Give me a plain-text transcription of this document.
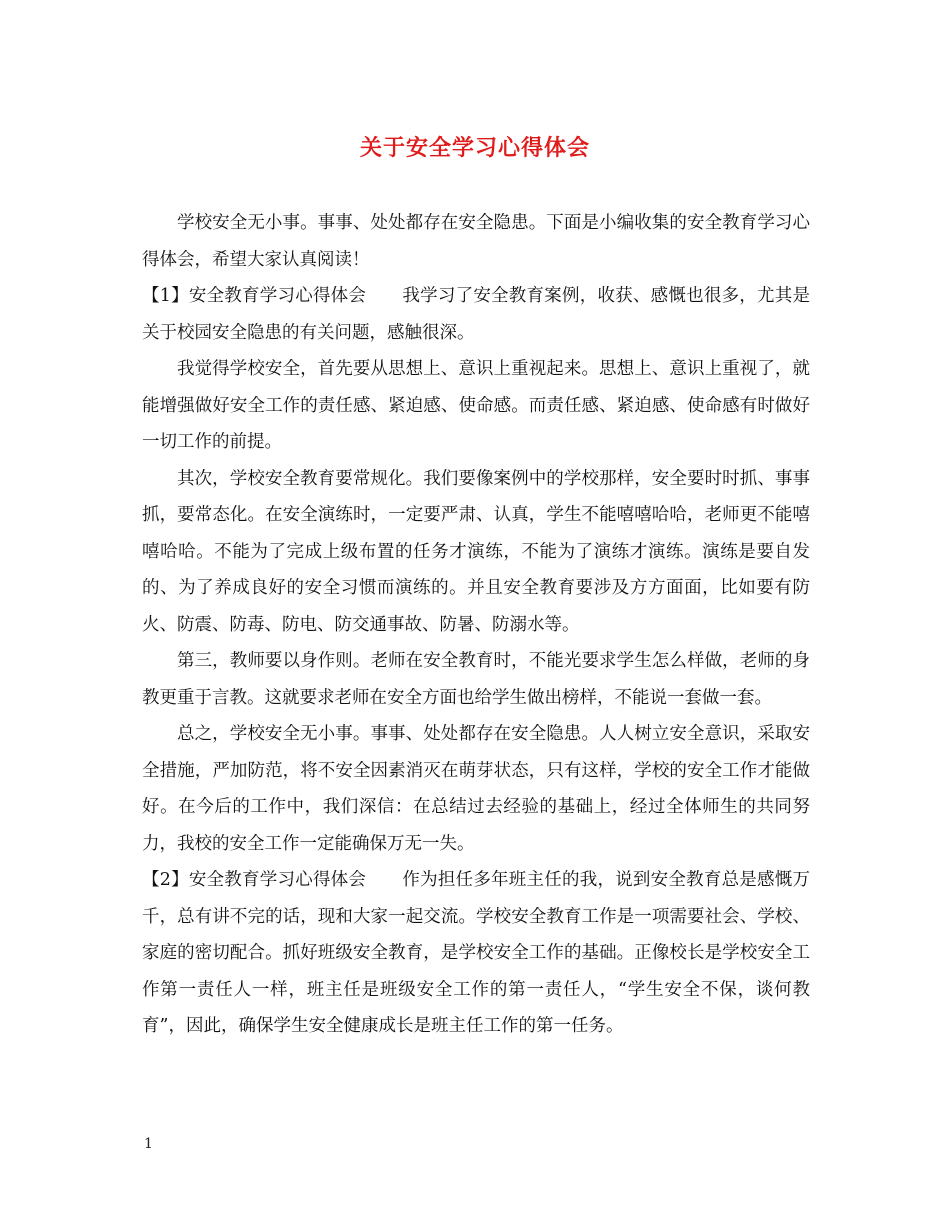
关于安全学习心得体会

学校安全无小事。事事、处处都存在安全隐患。下面是小编收集的安全教育学习心得体会，希望大家认真阅读！

【1】安全教育学习心得体会 我学习了安全教育案例，收获、感慨也很多，尤其是关于校园安全隐患的有关问题，感触很深。

我觉得学校安全，首先要从思想上、意识上重视起来。思想上、意识上重视了，就能增强做好安全工作的责任感、紧迫感、使命感。而责任感、紧迫感、使命感有时做好一切工作的前提。

其次，学校安全教育要常规化。我们要像案例中的学校那样，安全要时时抓、事事抓，要常态化。在安全演练时，一定要严肃、认真，学生不能嘻嘻哈哈，老师更不能嘻嘻哈哈。不能为了完成上级布置的任务才演练，不能为了演练才演练。演练是要自发的、为了养成良好的安全习惯而演练的。并且安全教育要涉及方方面面，比如要有防火、防震、防毒、防电、防交通事故、防暑、防溺水等。

第三，教师要以身作则。老师在安全教育时，不能光要求学生怎么样做，老师的身教更重于言教。这就要求老师在安全方面也给学生做出榜样，不能说一套做一套。

总之，学校安全无小事。事事、处处都存在安全隐患。人人树立安全意识，采取安全措施，严加防范，将不安全因素消灭在萌芽状态，只有这样，学校的安全工作才能做好。在今后的工作中，我们深信：在总结过去经验的基础上，经过全体师生的共同努力，我校的安全工作一定能确保万无一失。

【2】安全教育学习心得体会 作为担任多年班主任的我，说到安全教育总是感慨万千，总有讲不完的话，现和大家一起交流。学校安全教育工作是一项需要社会、学校、家庭的密切配合。抓好班级安全教育，是学校安全工作的基础。正像校长是学校安全工作第一责任人一样，班主任是班级安全工作的第一责任人，“学生安全不保，谈何教育”，因此，确保学生安全健康成长是班主任工作的第一任务。

1
